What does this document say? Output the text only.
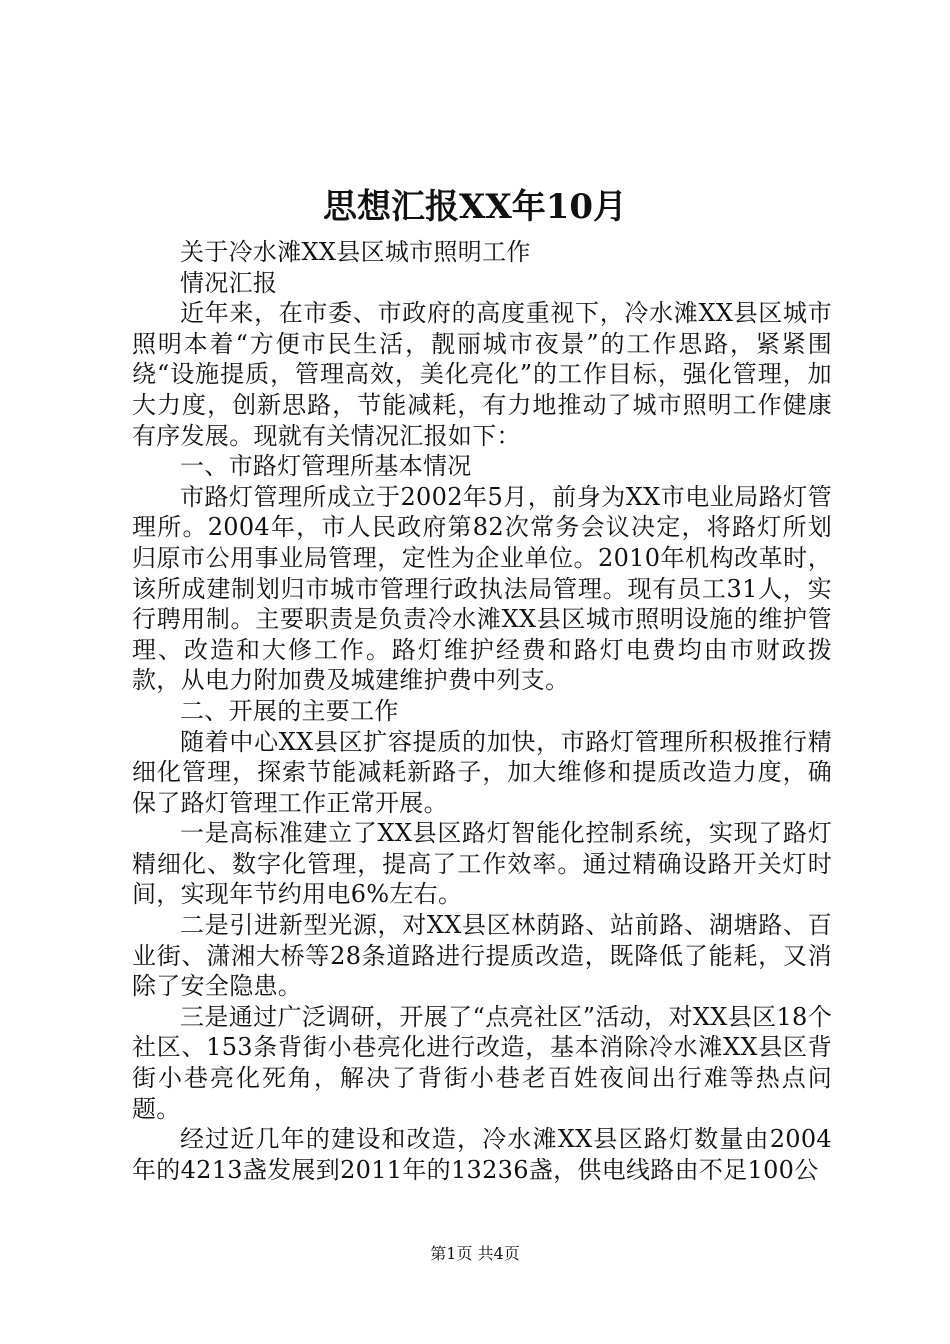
思想汇报XX年10月

关于冷水滩XX县区城市照明工作

情况汇报

近年来，在市委、市政府的高度重视下，冷水滩XX县区城市照明本着“方便市民生活，靓丽城市夜景”的工作思路，紧紧围绕“设施提质，管理高效，美化亮化”的工作目标，强化管理，加大力度，创新思路，节能减耗，有力地推动了城市照明工作健康有序发展。现就有关情况汇报如下：

一、市路灯管理所基本情况

市路灯管理所成立于2002年5月，前身为XX市电业局路灯管理所。2004年，市人民政府第82次常务会议决定，将路灯所划归原市公用事业局管理，定性为企业单位。2010年机构改革时，该所成建制划归市城市管理行政执法局管理。现有员工31人，实行聘用制。主要职责是负责冷水滩XX县区城市照明设施的维护管理、改造和大修工作。路灯维护经费和路灯电费均由市财政拨款，从电力附加费及城建维护费中列支。

二、开展的主要工作

随着中心XX县区扩容提质的加快，市路灯管理所积极推行精细化管理，探索节能减耗新路子，加大维修和提质改造力度，确保了路灯管理工作正常开展。

一是高标准建立了XX县区路灯智能化控制系统，实现了路灯精细化、数字化管理，提高了工作效率。通过精确设路开关灯时间，实现年节约用电6%左右。

二是引进新型光源，对XX县区林荫路、站前路、湖塘路、百业街、潇湘大桥等28条道路进行提质改造，既降低了能耗，又消除了安全隐患。

三是通过广泛调研，开展了“点亮社区”活动，对XX县区18个社区、153条背街小巷亮化进行改造，基本消除冷水滩XX县区背街小巷亮化死角，解决了背街小巷老百姓夜间出行难等热点问题。

经过近几年的建设和改造，冷水滩XX县区路灯数量由2004年的4213盏发展到2011年的13236盏，供电线路由不足100公

第1页 共4页
